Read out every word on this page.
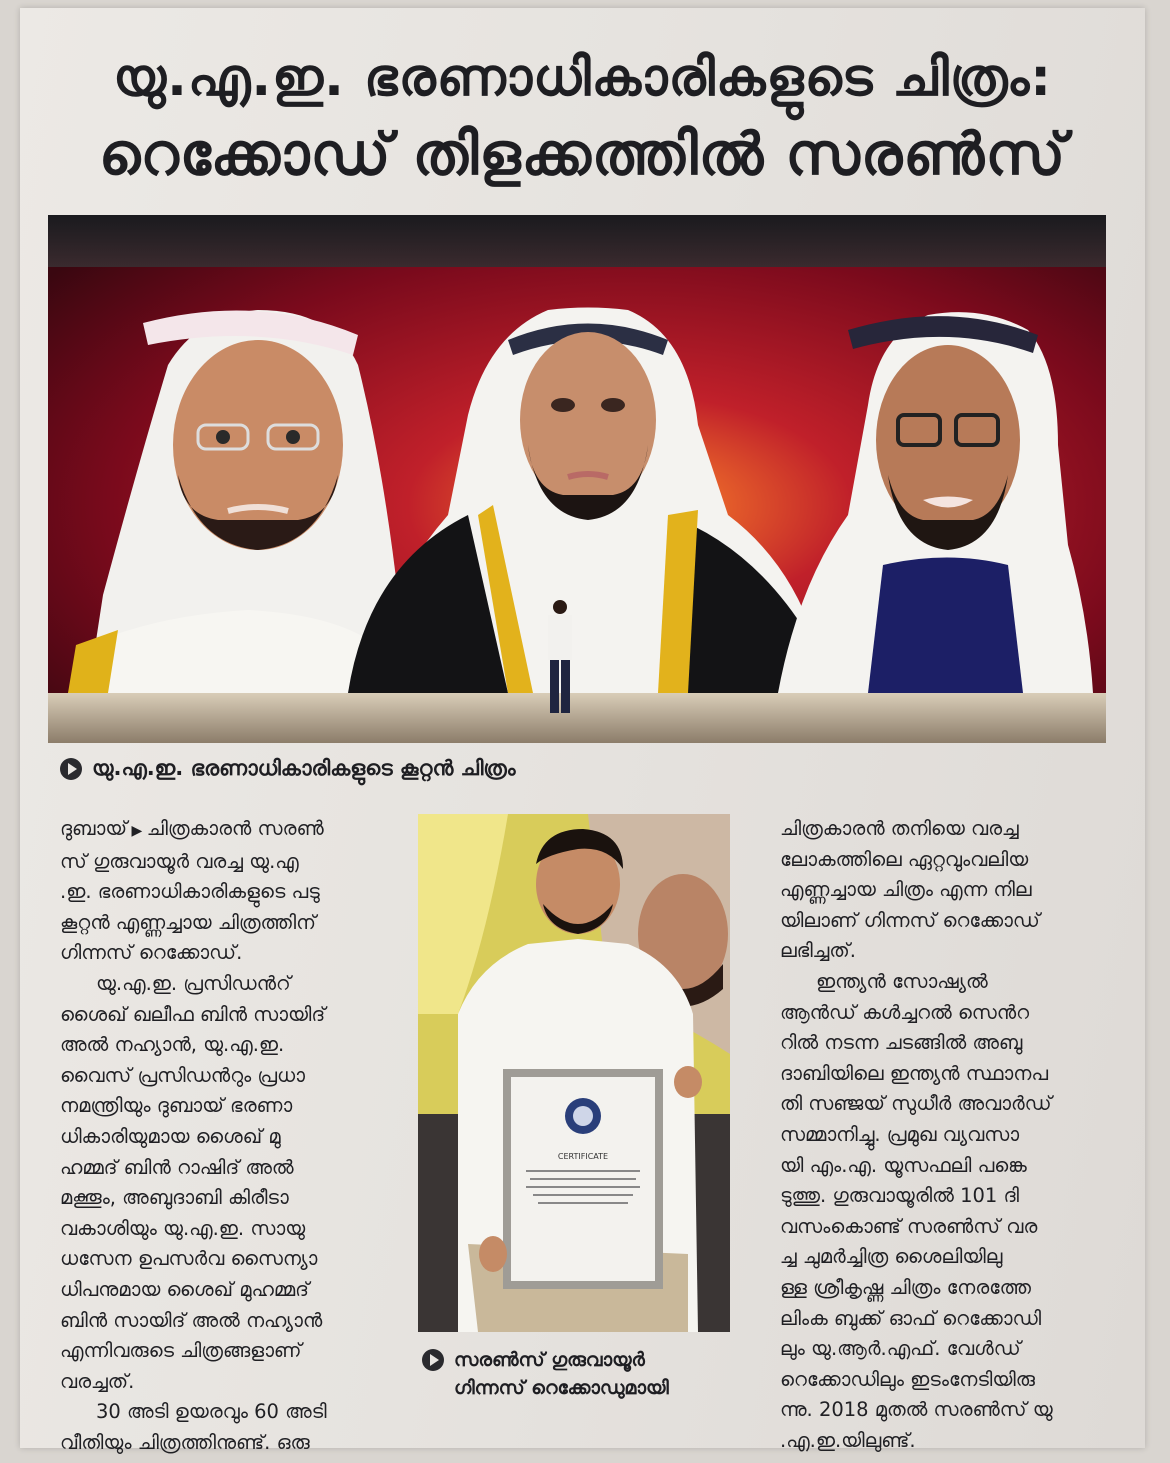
യു.എ.ഇ. ഭരണാധികാരികളുടെ ചിത്രം:
റെക്കോഡ് തിളക്കത്തിൽ സരൺസ്
യു.എ.ഇ. ഭരണാധികാരികളുടെ കൂറ്റൻ ചിത്രം

ദുബായ് ▶ ചിത്രകാരൻ സരൺ

സ് ഗുരുവായൂർ വരച്ച യു.എ

.ഇ. ഭരണാധികാരികളുടെ പടു

കൂറ്റൻ എണ്ണച്ചായ ചിത്രത്തിന്

ഗിന്നസ് റെക്കോഡ്.

യു.എ.ഇ. പ്രസിഡൻറ്

ശൈഖ് ഖലീഫ ബിൻ സായിദ്

അൽ നഹ്യാൻ, യു.എ.ഇ.

വൈസ് പ്രസിഡൻറും പ്രധാ

നമന്ത്രിയും ദുബായ് ഭരണാ

ധികാരിയുമായ ശൈഖ് മു

ഹമ്മദ് ബിൻ റാഷിദ് അൽ

മക്തൂം, അബുദാബി കിരീടാ

വകാശിയും യു.എ.ഇ. സായു

ധസേന ഉപസർവ സൈന്യാ

ധിപനുമായ ശൈഖ് മുഹമ്മദ്

ബിൻ സായിദ് അൽ നഹ്യാൻ

എന്നിവരുടെ ചിത്രങ്ങളാണ്

വരച്ചത്.

30 അടി ഉയരവും 60 അടി

വീതിയും ചിത്രത്തിനുണ്ട്. ഒരു

CERTIFICATE
സരൺസ് ഗുരുവായൂർ
ഗിന്നസ് റെക്കോഡുമായി

ചിത്രകാരൻ തനിയെ വരച്ച

ലോകത്തിലെ ഏറ്റവുംവലിയ

എണ്ണച്ചായ ചിത്രം എന്ന നില

യിലാണ് ഗിന്നസ് റെക്കോഡ്

ലഭിച്ചത്.

ഇന്ത്യൻ സോഷ്യൽ

ആൻഡ് കൾച്ചറൽ സെൻറ

റിൽ നടന്ന ചടങ്ങിൽ അബു

ദാബിയിലെ ഇന്ത്യൻ സ്ഥാനപ

തി സഞ്ജയ് സുധീർ അവാർഡ്

സമ്മാനിച്ചു. പ്രമുഖ വ്യവസാ

യി എം.എ. യൂസഫലി പങ്കെ

ടുത്തു. ഗുരുവായൂരിൽ 101 ദി

വസംകൊണ്ട് സരൺസ് വര

ച്ച ചുമർച്ചിത്ര ശൈലിയിലു

ള്ള ശ്രീകൃഷ്ണ ചിത്രം നേരത്തേ

ലിംക ബുക്ക് ഓഫ് റെക്കോഡി

ലും യു.ആർ.എഫ്. വേൾഡ്

റെക്കോഡിലും ഇടംനേടിയിരു

ന്നു. 2018 മുതൽ സരൺസ് യു

.എ.ഇ.യിലുണ്ട്.
